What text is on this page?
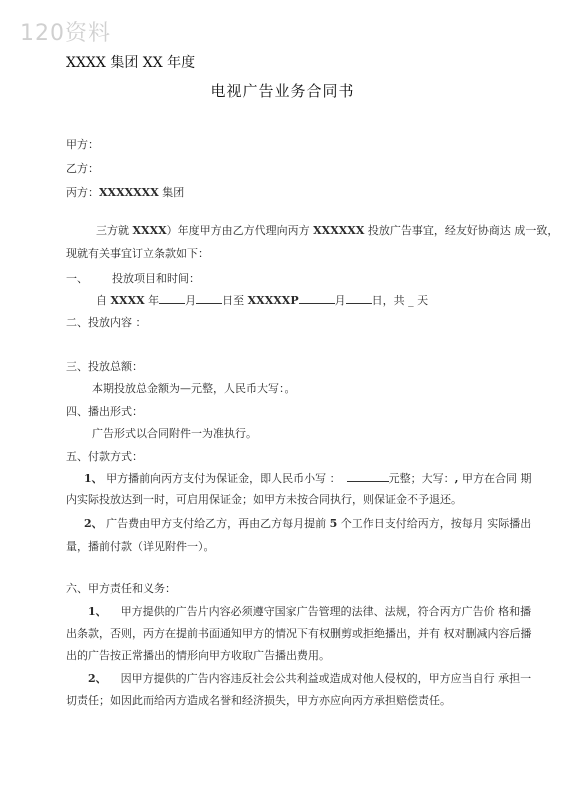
120资料
XXXX 集团 XX 年度
电视广告业务合同书
甲方：
乙方：
丙方：XXXXXXX 集团
三方就 XXXX）年度甲方由乙方代理向丙方 XXXXXX 投放广告事宜，经友好协商达 成一致，
现就有关事宜订立条款如下：
一、 投放项目和时间：
自 XXXX 年 月 日至 XXXXXP	月 日，共 _ 天
二、投放内容 ：
三、投放总额：
本期投放总金额为—元整，人民币大写：。
四、播出形式：
广告形式以合同附件一为准执行。
五、付款方式：
1、 甲方播前向丙方支付为保证金，即人民币小写 ：	元整；大写：, 甲方在合同 期
内实际投放达到一时，可启用保证金；如甲方未按合同执行，则保证金不予退还。
2、 广告费由甲方支付给乙方，再由乙方每月提前 5 个工作日支付给丙方，按每月 实际播出
量，播前付款（详见附件一）。
六、甲方责任和义务：
1、 甲方提供的广告片内容必须遵守国家广告管理的法律、法规，符合丙方广告价 格和播
出条款，否则，丙方在提前书面通知甲方的情况下有权删剪或拒绝播出，并有 权对删减内容后播
出的广告按正常播出的情形向甲方收取广告播出费用。
2、 因甲方提供的广告内容违反社会公共利益或造成对他人侵权的，甲方应当自行 承担一
切责任；如因此而给丙方造成名誉和经济损失，甲方亦应向丙方承担赔偿责任。
